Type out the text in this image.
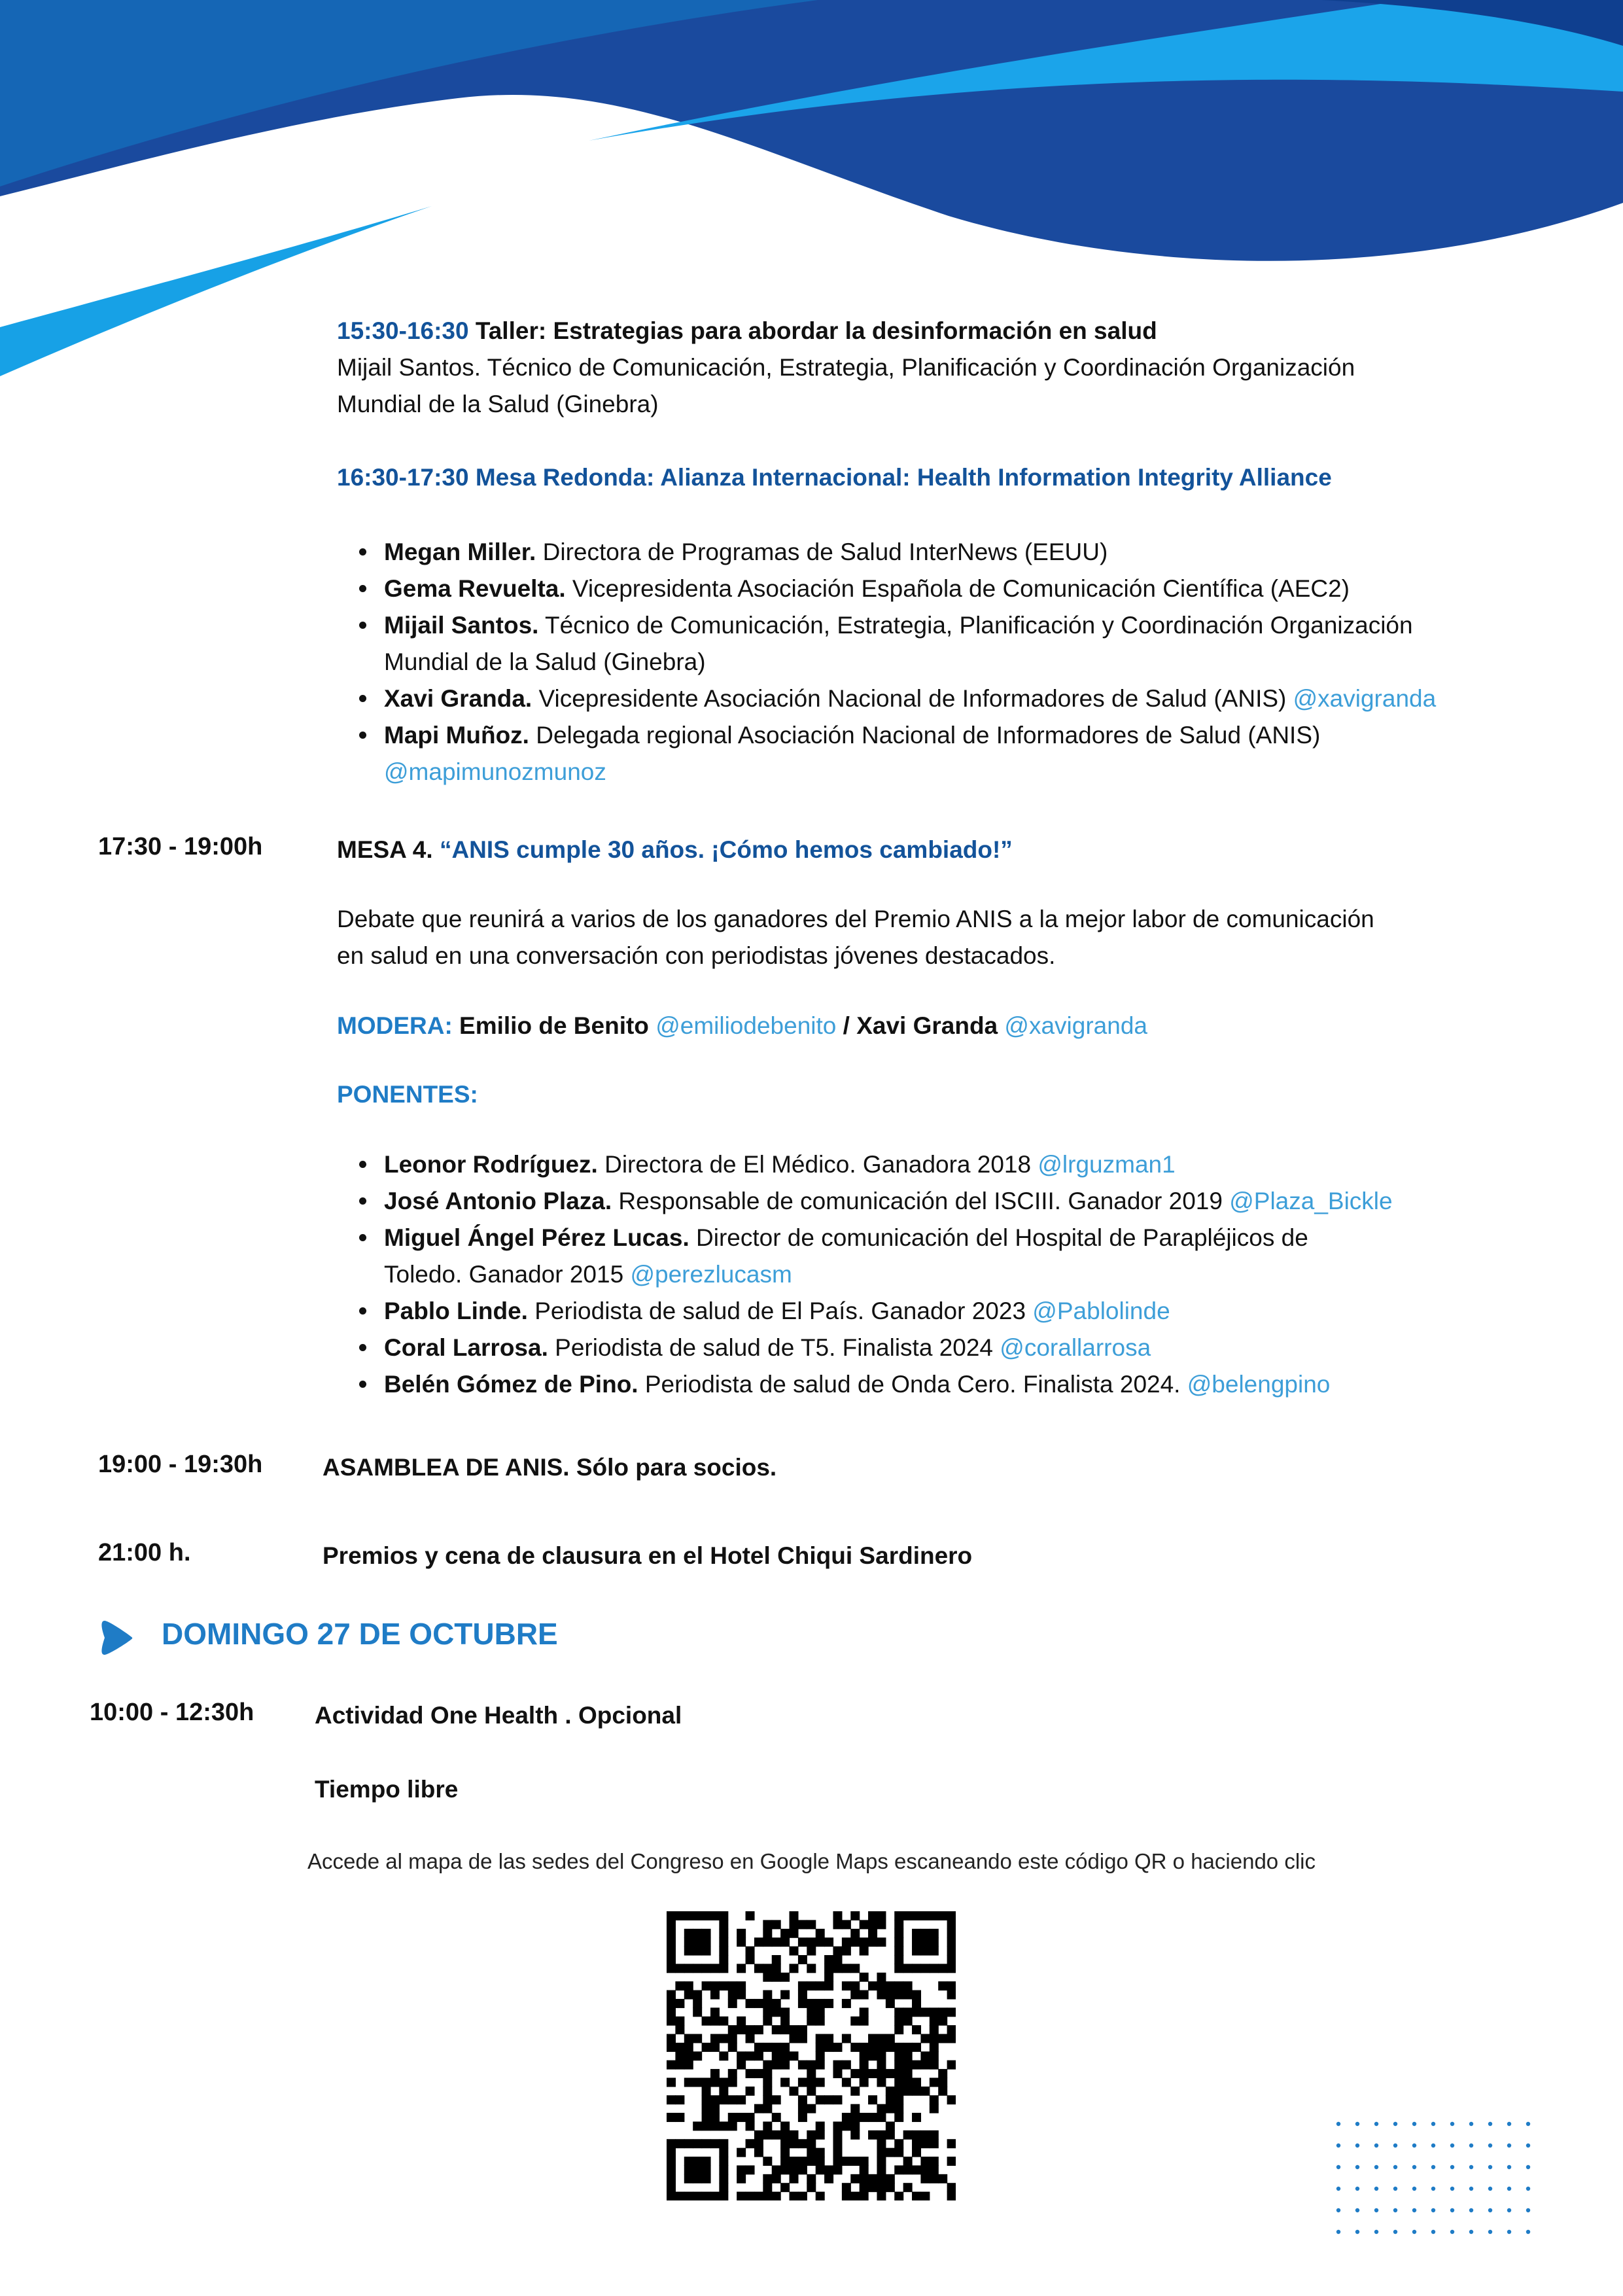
15:30-16:30 Taller: Estrategias para abordar la desinformación en salud
Mijail Santos. Técnico de Comunicación, Estrategia, Planificación y Coordinación Organización
Mundial de la Salud (Ginebra)
16:30-17:30 Mesa Redonda: Alianza Internacional: Health Information Integrity Alliance
Megan Miller. Directora de Programas de Salud InterNews (EEUU)
Gema Revuelta. Vicepresidenta Asociación Española de Comunicación Científica (AEC2)
Mijail Santos. Técnico de Comunicación, Estrategia, Planificación y Coordinación Organización
Mundial de la Salud (Ginebra)
Xavi Granda. Vicepresidente Asociación Nacional de Informadores de Salud (ANIS) @xavigranda
Mapi Muñoz. Delegada regional Asociación Nacional de Informadores de Salud (ANIS)
@mapimunozmunoz
17:30 - 19:00h	MESA 4. “ANIS cumple 30 años. ¡Cómo hemos cambiado!”
Debate que reunirá a varios de los ganadores del Premio ANIS a la mejor labor de comunicación
en salud en una conversación con periodistas jóvenes destacados.
MODERA: Emilio de Benito @emiliodebenito / Xavi Granda @xavigranda
PONENTES:
Leonor Rodríguez. Directora de El Médico. Ganadora 2018 @lrguzman1
José Antonio Plaza. Responsable de comunicación del ISCIII. Ganador 2019 @Plaza_Bickle
Miguel Ángel Pérez Lucas. Director de comunicación del Hospital de Parapléjicos de
Toledo. Ganador 2015 @perezlucasm
Pablo Linde. Periodista de salud de El País. Ganador 2023 @Pablolinde
Coral Larrosa. Periodista de salud de T5. Finalista 2024 @corallarrosa
Belén Gómez de Pino. Periodista de salud de Onda Cero. Finalista 2024. @belengpino
19:00 - 19:30h ASAMBLEA DE ANIS. Sólo para socios.
21:00 h.	Premios y cena de clausura en el Hotel Chiqui Sardinero
DOMINGO 27 DE OCTUBRE
10:00 - 12:30h	Actividad One Health . Opcional
Tiempo libre
Accede al mapa de las sedes del Congreso en Google Maps escaneando este código QR o haciendo clic
